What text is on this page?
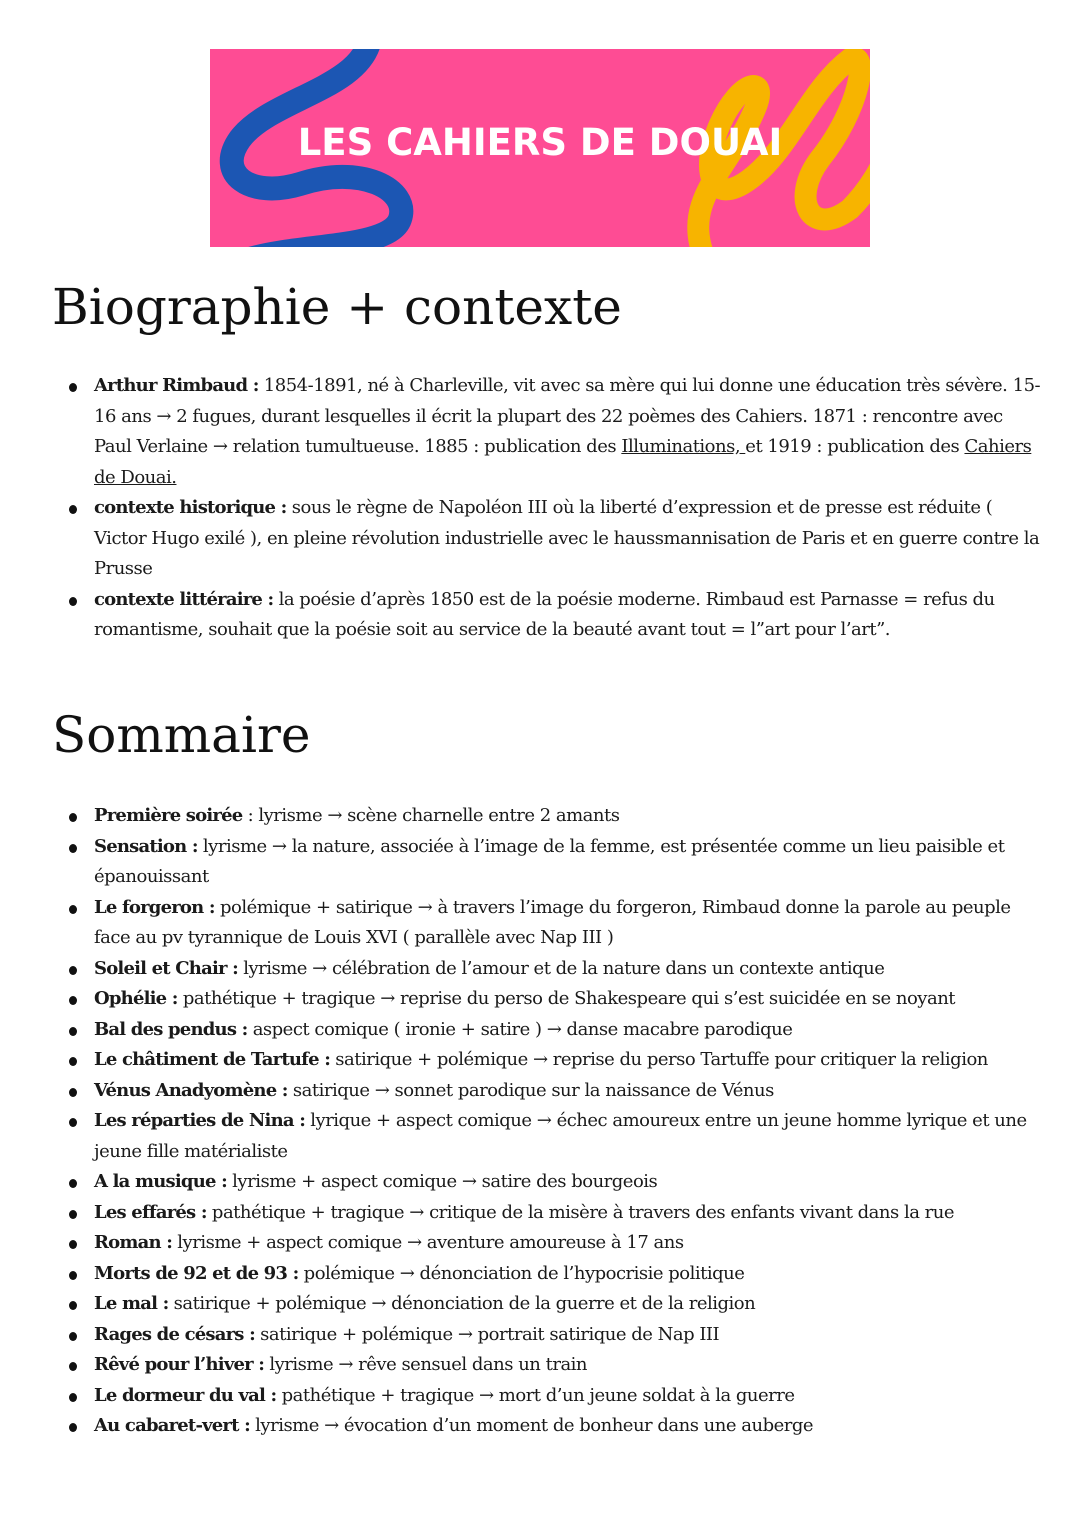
LES CAHIERS DE DOUAI
Biographie + contexte
Arthur Rimbaud : 1854-1891, né à Charleville, vit avec sa mère qui lui donne une éducation très sévère. 15-16 ans → 2 fugues, durant lesquelles il écrit la plupart des 22 poèmes des Cahiers. 1871 : rencontre avec Paul Verlaine → relation tumultueuse. 1885 : publication des Illuminations, et 1919 : publication des Cahiers de Douai.
contexte historique : sous le règne de Napoléon III où la liberté d’expression et de presse est réduite ( Victor Hugo exilé ), en pleine révolution industrielle avec le haussmannisation de Paris et en guerre contre la Prusse
contexte littéraire : la poésie d’après 1850 est de la poésie moderne. Rimbaud est Parnasse = refus du romantisme, souhait que la poésie soit au service de la beauté avant tout = l”art pour l’art”.
Sommaire
Première soirée : lyrisme → scène charnelle entre 2 amants
Sensation : lyrisme → la nature, associée à l’image de la femme, est présentée comme un lieu paisible et épanouissant
Le forgeron : polémique + satirique → à travers l’image du forgeron, Rimbaud donne la parole au peuple face au pv tyrannique de Louis XVI ( parallèle avec Nap III )
Soleil et Chair : lyrisme → célébration de l’amour et de la nature dans un contexte antique
Ophélie : pathétique + tragique → reprise du perso de Shakespeare qui s’est suicidée en se noyant
Bal des pendus : aspect comique ( ironie + satire ) → danse macabre parodique
Le châtiment de Tartufe : satirique + polémique → reprise du perso Tartuffe pour critiquer la religion
Vénus Anadyomène : satirique → sonnet parodique sur la naissance de Vénus
Les réparties de Nina : lyrique + aspect comique → échec amoureux entre un jeune homme lyrique et une jeune fille matérialiste
A la musique : lyrisme + aspect comique → satire des bourgeois
Les effarés : pathétique + tragique → critique de la misère à travers des enfants vivant dans la rue
Roman : lyrisme + aspect comique → aventure amoureuse à 17 ans
Morts de 92 et de 93 : polémique → dénonciation de l’hypocrisie politique
Le mal : satirique + polémique → dénonciation de la guerre et de la religion
Rages de césars : satirique + polémique → portrait satirique de Nap III
Rêvé pour l’hiver : lyrisme → rêve sensuel dans un train
Le dormeur du val : pathétique + tragique → mort d’un jeune soldat à la guerre
Au cabaret-vert : lyrisme → évocation d’un moment de bonheur dans une auberge
